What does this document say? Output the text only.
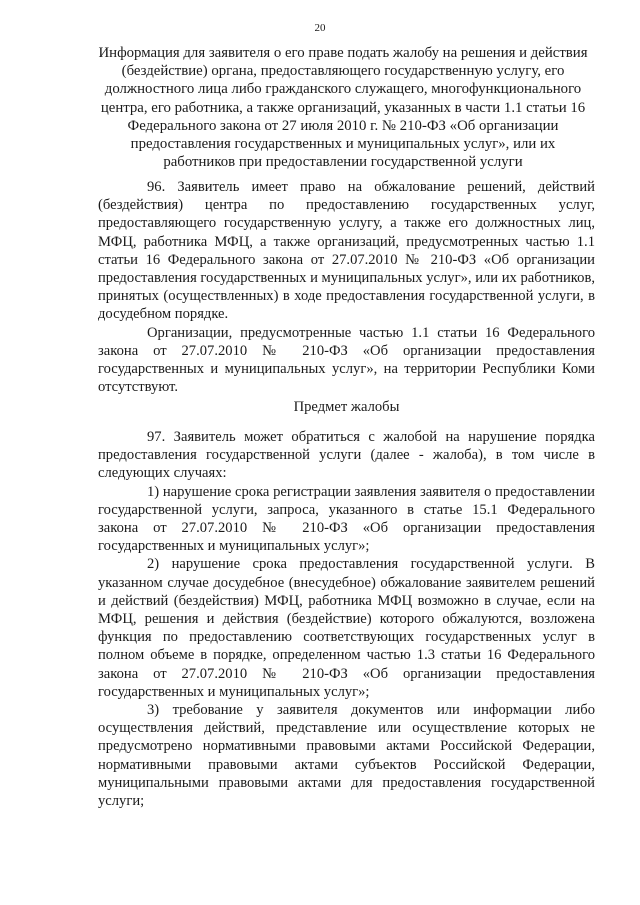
20
Информация для заявителя о его праве подать жалобу на решения и действия
(бездействие) органа, предоставляющего государственную услугу, его
должностного лица либо гражданского служащего, многофункционального
центра, его работника, а также организаций, указанных в части 1.1 статьи 16
Федерального закона от 27 июля 2010 г. № 210-ФЗ «Об организации
предоставления государственных и муниципальных услуг», или их
работников при предоставлении государственной услуги

96. Заявитель имеет право на обжалование решений, действий (бездействия) центра по предоставлению государственных услуг, предоставляющего государственную услугу, а также его должностных лиц, МФЦ, работника МФЦ, а также организаций, предусмотренных частью 1.1 статьи 16 Федерального закона от 27.07.2010 № 210-ФЗ «Об организации предоставления государственных и муниципальных услуг», или их работников, принятых (осуществленных) в ходе предоставления государственной услуги, в досудебном порядке.

Организации, предусмотренные частью 1.1 статьи 16 Федерального закона от 27.07.2010 № 210-ФЗ «Об организации предоставления государственных и муниципальных услуг», на территории Республики Коми отсутствуют.

Предмет жалобы

97. Заявитель может обратиться с жалобой на нарушение порядка предоставления государственной услуги (далее - жалоба), в том числе в следующих случаях:

1) нарушение срока регистрации заявления заявителя о предоставлении государственной услуги, запроса, указанного в статье 15.1 Федерального закона от 27.07.2010 № 210-ФЗ «Об организации предоставления государственных и муниципальных услуг»;

2) нарушение срока предоставления государственной услуги. В указанном случае досудебное (внесудебное) обжалование заявителем решений и действий (бездействия) МФЦ, работника МФЦ возможно в случае, если на МФЦ, решения и действия (бездействие) которого обжалуются, возложена функция по предоставлению соответствующих государственных услуг в полном объеме в порядке, определенном частью 1.3 статьи 16 Федерального закона от 27.07.2010 № 210-ФЗ «Об организации предоставления государственных и муниципальных услуг»;

3) требование у заявителя документов или информации либо осуществления действий, представление или осуществление которых не предусмотрено нормативными правовыми актами Российской Федерации, нормативными правовыми актами субъектов Российской Федерации, муниципальными правовыми актами для предоставления государственной услуги;
